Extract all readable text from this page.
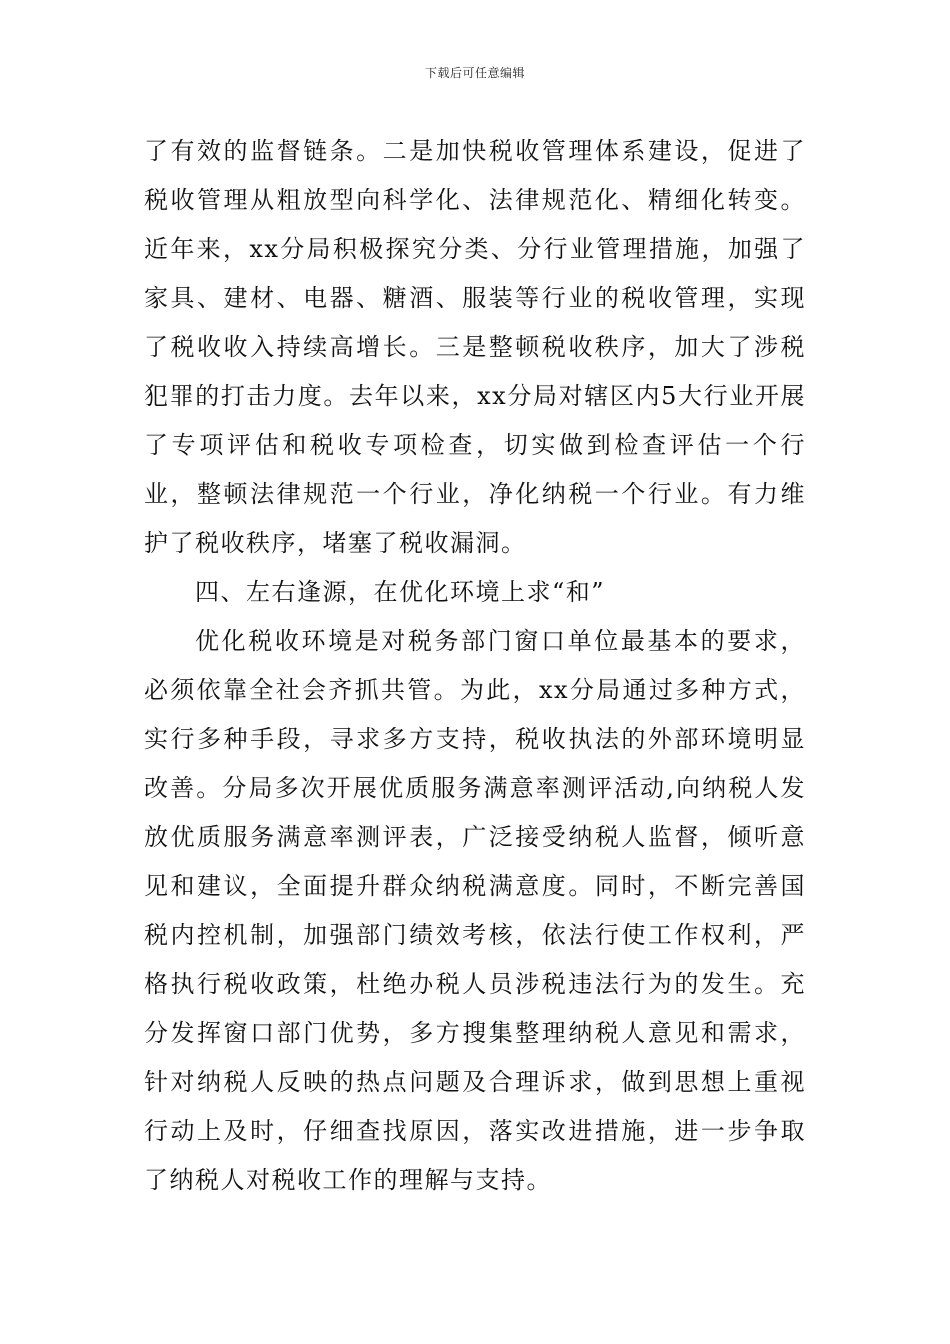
下载后可任意编辑

了有效的监督链条。二是加快税收管理体系建设，促进了税收管理从粗放型向科学化、法律规范化、精细化转变。近年来，xx分局积极探究分类、分行业管理措施，加强了家具、建材、电器、糖酒、服装等行业的税收管理，实现了税收收入持续高增长。三是整顿税收秩序，加大了涉税犯罪的打击力度。去年以来，xx分局对辖区内5大行业开展了专项评估和税收专项检查，切实做到检查评估一个行业，整顿法律规范一个行业，净化纳税一个行业。有力维护了税收秩序，堵塞了税收漏洞。

四、左右逢源，在优化环境上求“和”

优化税收环境是对税务部门窗口单位最基本的要求，必须依靠全社会齐抓共管。为此，xx分局通过多种方式，实行多种手段，寻求多方支持，税收执法的外部环境明显改善。分局多次开展优质服务满意率测评活动,向纳税人发放优质服务满意率测评表，广泛接受纳税人监督，倾听意见和建议，全面提升群众纳税满意度。同时，不断完善国税内控机制，加强部门绩效考核，依法行使工作权利，严格执行税收政策，杜绝办税人员涉税违法行为的发生。充分发挥窗口部门优势，多方搜集整理纳税人意见和需求，针对纳税人反映的热点问题及合理诉求，做到思想上重视行动上及时，仔细查找原因，落实改进措施，进一步争取了纳税人对税收工作的理解与支持。
